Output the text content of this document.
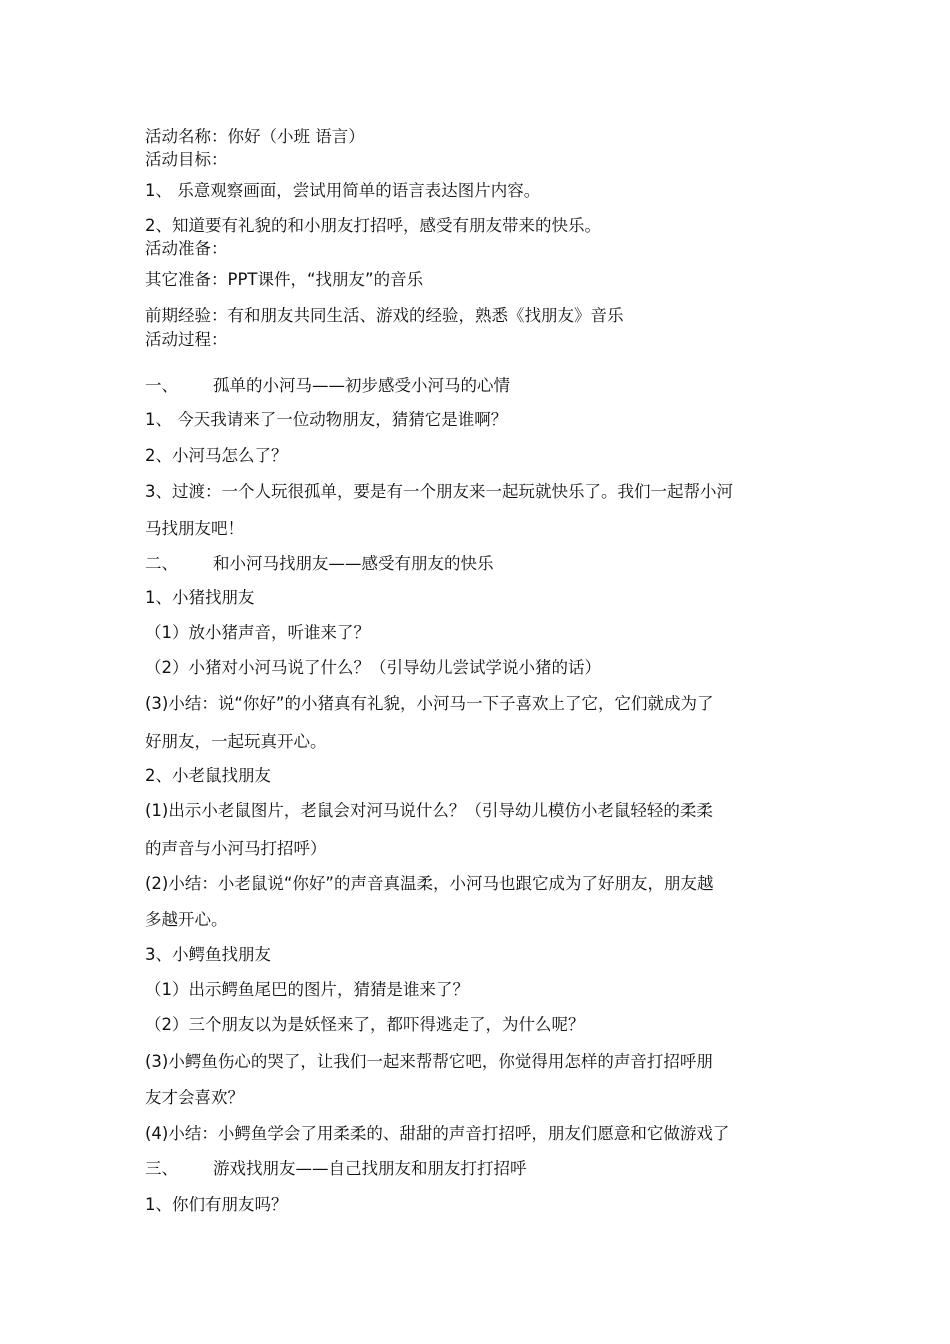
活动名称：你好（小班 语言）

活动目标：

1、 乐意观察画面，尝试用简单的语言表达图片内容。

2、知道要有礼貌的和小朋友打招呼，感受有朋友带来的快乐。

活动准备：

其它准备：PPT课件，“找朋友”的音乐

前期经验：有和朋友共同生活、游戏的经验，熟悉《找朋友》音乐

活动过程：

一、 孤单的小河马——初步感受小河马的心情

1、 今天我请来了一位动物朋友，猜猜它是谁啊？

2、小河马怎么了？

3、过渡：一个人玩很孤单，要是有一个朋友来一起玩就快乐了。我们一起帮小河

马找朋友吧！

二、 和小河马找朋友——感受有朋友的快乐

1、小猪找朋友

（1）放小猪声音，听谁来了？

（2）小猪对小河马说了什么？（引导幼儿尝试学说小猪的话）

(3)小结：说“你好”的小猪真有礼貌，小河马一下子喜欢上了它，它们就成为了

好朋友，一起玩真开心。

2、小老鼠找朋友

(1)出示小老鼠图片，老鼠会对河马说什么？（引导幼儿模仿小老鼠轻轻的柔柔

的声音与小河马打招呼）

(2)小结：小老鼠说“你好”的声音真温柔，小河马也跟它成为了好朋友，朋友越

多越开心。

3、小鳄鱼找朋友

（1）出示鳄鱼尾巴的图片，猜猜是谁来了？

（2）三个朋友以为是妖怪来了，都吓得逃走了，为什么呢？

(3)小鳄鱼伤心的哭了，让我们一起来帮帮它吧，你觉得用怎样的声音打招呼朋

友才会喜欢？

(4)小结：小鳄鱼学会了用柔柔的、甜甜的声音打招呼，朋友们愿意和它做游戏了

三、 游戏找朋友——自己找朋友和朋友打打招呼

1、你们有朋友吗？
